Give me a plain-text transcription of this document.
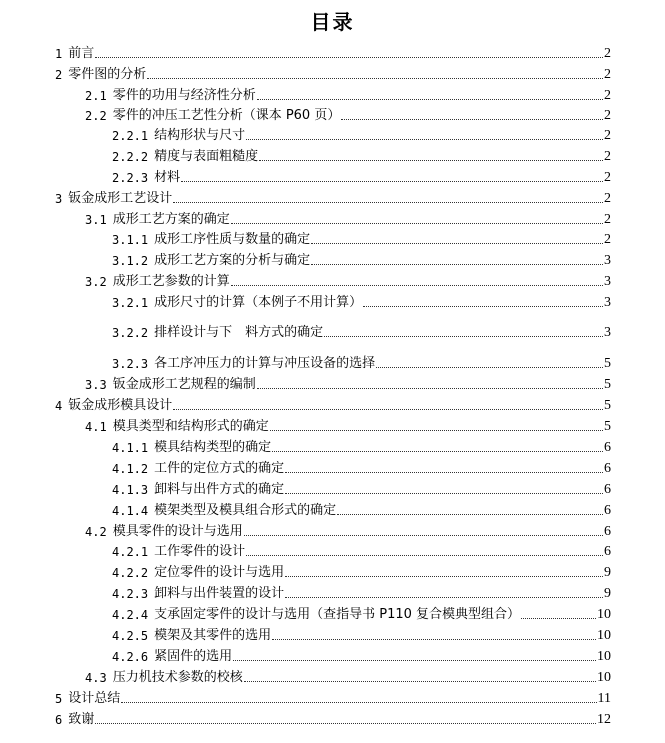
目录
1 前言	2
2 零件图的分析	2
2.1 零件的功用与经济性分析	2
2.2 零件的冲压工艺性分析（课本 P60 页）	2
2.2.1 结构形状与尺寸	2
2.2.2 精度与表面粗糙度	2
2.2.3 材料	2
3 钣金成形工艺设计	2
3.1 成形工艺方案的确定	2
3.1.1 成形工序性质与数量的确定	2
3.1.2 成形工艺方案的分析与确定	3
3.2 成形工艺参数的计算	3
3.2.1 成形尺寸的计算（本例子不用计算）	3
3.2.2 排样设计与下　料方式的确定	3
3.2.3 各工序冲压力的计算与冲压设备的选择	5
3.3 钣金成形工艺规程的编制	5
4 钣金成形模具设计	5
4.1 模具类型和结构形式的确定	5
4.1.1 模具结构类型的确定	6
4.1.2 工件的定位方式的确定	6
4.1.3 卸料与出件方式的确定	6
4.1.4 模架类型及模具组合形式的确定	6
4.2 模具零件的设计与选用	6
4.2.1 工作零件的设计	6
4.2.2 定位零件的设计与选用	9
4.2.3 卸料与出件装置的设计	9
4.2.4 支承固定零件的设计与选用（查指导书 P110 复合模典型组合）	10
4.2.5 模架及其零件的选用	10
4.2.6 紧固件的选用	10
4.3 压力机技术参数的校核	10
5 设计总结	11
6 致谢	12
